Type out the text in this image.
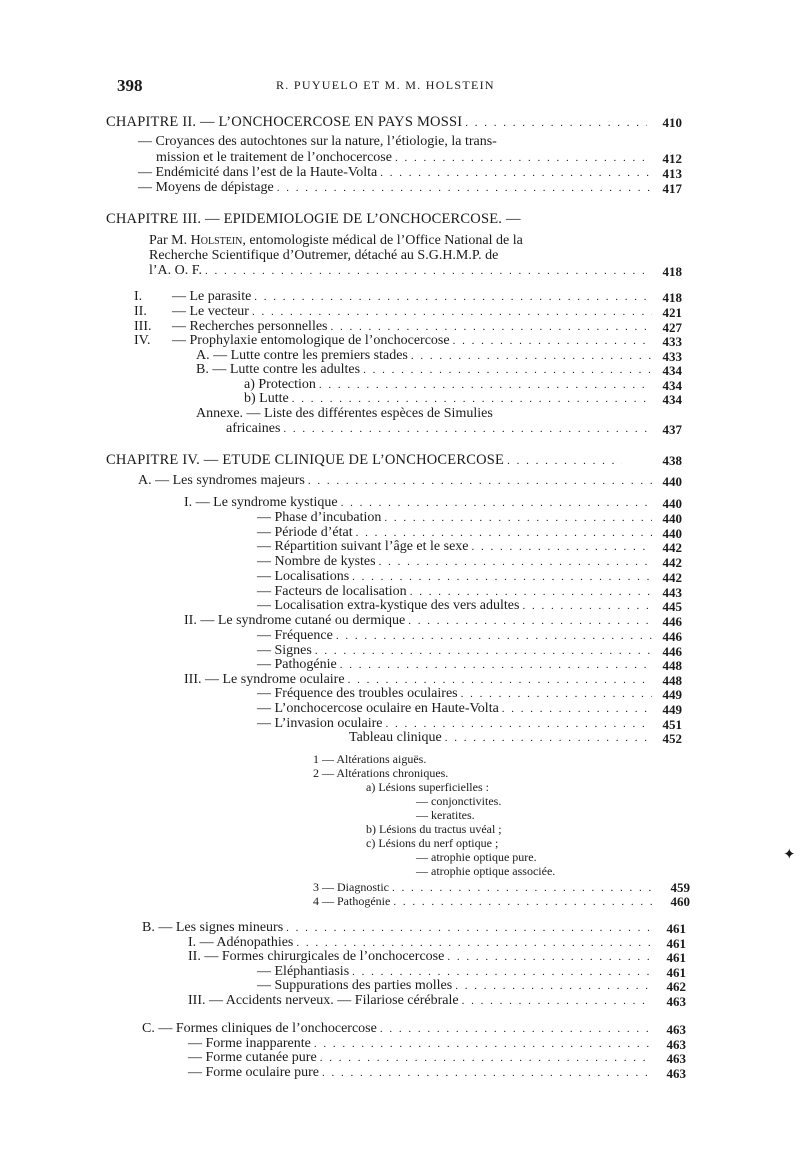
398	R. PUYUELO ET M. M. HOLSTEIN
CHAPITRE II. — L’ONCHOCERCOSE EN PAYS MOSSI . . .	410
— Croyances des autochtones sur la nature, l’étiologie, la trans-
mission et le traitement de l’onchocercose . . .	412
— Endémicité dans l’est de la Haute-Volta . . .	413
— Moyens de dépistage . . .	417
CHAPITRE III. — EPIDEMIOLOGIE DE L’ONCHOCERCOSE. —
Par M. Holstein, entomologiste médical de l’Office National de la
Recherche Scientifique d’Outremer, détaché au S.G.H.M.P. de
l’A. O. F. . . .	418
I. — Le parasite . . .	418
II. — Le vecteur . . .	421
III. — Recherches personnelles . . .	427
IV. — Prophylaxie entomologique de l’onchocercose . . .	433
A. — Lutte contre les premiers stades . . .	433
B. — Lutte contre les adultes . . .	434
a) Protection . . .	434
b) Lutte . . .	434
Annexe. — Liste des différentes espèces de Simulies
africaines . . .	437
CHAPITRE IV. — ETUDE CLINIQUE DE L’ONCHOCERCOSE . . .	438
A. — Les syndromes majeurs . . .	440
I. — Le syndrome kystique . . .	440
— Phase d’incubation . . .	440
— Période d’état . . .	440
— Répartition suivant l’âge et le sexe . . .	442
— Nombre de kystes . . .	442
— Localisations . . .	442
— Facteurs de localisation . . .	443
— Localisation extra-kystique des vers adultes . . .	445
II. — Le syndrome cutané ou dermique . . .	446
— Fréquence . . .	446
— Signes . . .	446
— Pathogénie . . .	448
III. — Le syndrome oculaire . . .	448
— Fréquence des troubles oculaires . . .	449
— L’onchocercose oculaire en Haute-Volta . . .	449
— L’invasion oculaire . . .	451
Tableau clinique . . .	452
1 — Altérations aiguës.
2 — Altérations chroniques.
a) Lésions superficielles :
— conjonctivites.
— keratites.
b) Lésions du tractus uvéal ;
c) Lésions du nerf optique ;
— atrophie optique pure.
— atrophie optique associée.
3 — Diagnostic . . .	459
4 — Pathogénie . . .	460
B. — Les signes mineurs . . .	461
I. — Adénopathies . . .	461
II. — Formes chirurgicales de l’onchocercose . . .	461
— Eléphantiasis . . .	461
— Suppurations des parties molles . . .	462
III. — Accidents nerveux. — Filariose cérébrale . . .	463
C. — Formes cliniques de l’onchocercose . . .	463
— Forme inapparente . . .	463
— Forme cutanée pure . . .	463
— Forme oculaire pure . . .	463
✦
